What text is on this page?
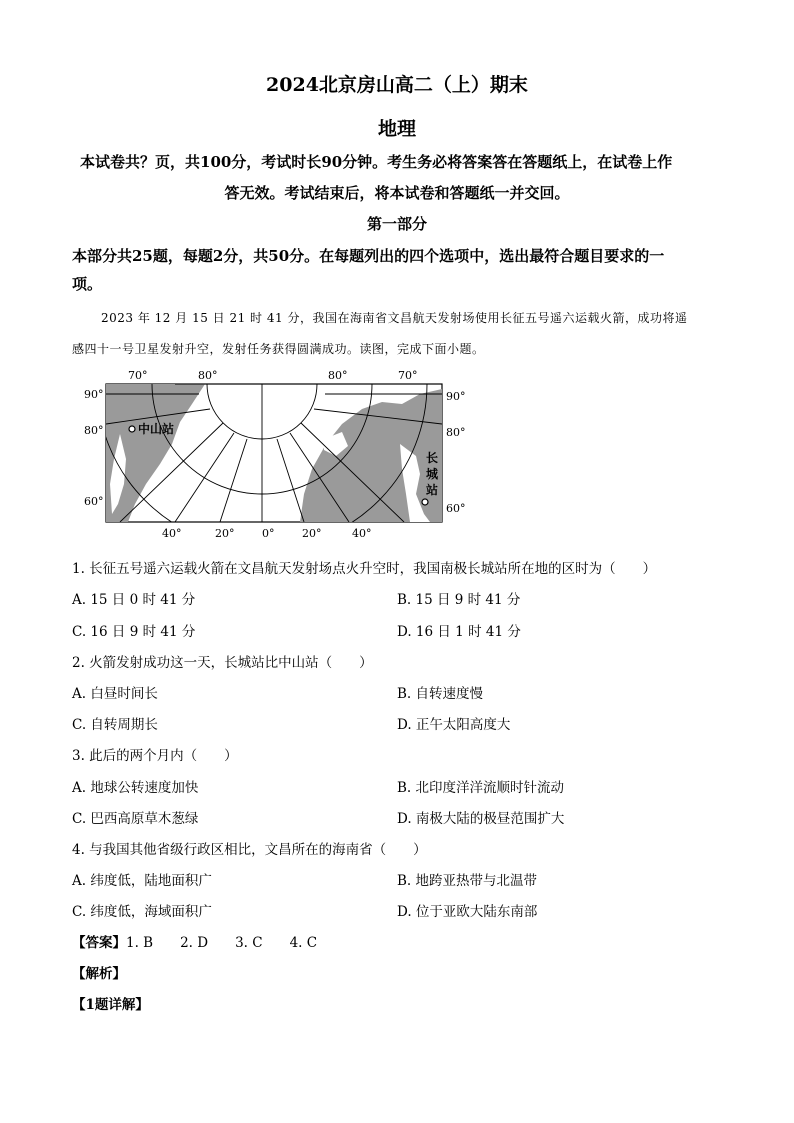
2024北京房山高二（上）期末
地理
本试卷共？页，共100分，考试时长90分钟。考生务必将答案答在答题纸上，在试卷上作
答无效。考试结束后，将本试卷和答题纸一并交回。
第一部分
本部分共25题，每题2分，共50分。在每题列出的四个选项中，选出最符合题目要求的一
项。
2023 年 12 月 15 日 21 时 41 分，我国在海南省文昌航天发射场使用长征五号遥六运载火箭，成功将遥
感四十一号卫星发射升空，发射任务获得圆满成功。读图，完成下面小题。
70°	80°	80°	70°
90°
80°
60°
90°
80°
60°
40°	20°	0°	20°	40°
中山站
长
城
站
1. 长征五号遥六运载火箭在文昌航天发射场点火升空时，我国南极长城站所在地的区时为（　　）
A. 15 日 0 时 41 分	B. 15 日 9 时 41 分
C. 16 日 9 时 41 分	D. 16 日 1 时 41 分
2. 火箭发射成功这一天，长城站比中山站（　　）
A. 白昼时间长	B. 自转速度慢
C. 自转周期长	D. 正午太阳高度大
3. 此后的两个月内（　　）
A. 地球公转速度加快	B. 北印度洋洋流顺时针流动
C. 巴西高原草木葱绿	D. 南极大陆的极昼范围扩大
4. 与我国其他省级行政区相比，文昌所在的海南省（　　）
A. 纬度低，陆地面积广	B. 地跨亚热带与北温带
C. 纬度低，海域面积广	D. 位于亚欧大陆东南部
【答案】1. B　　2. D　　3. C　　4. C
【解析】
【1题详解】
